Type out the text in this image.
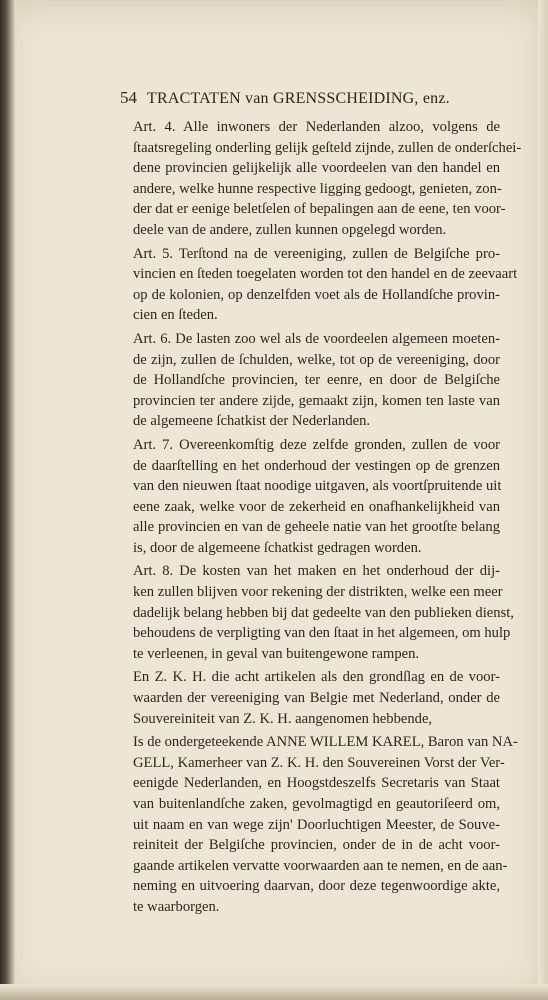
54 TRACTATEN van GRENSSCHEIDING, enz.
Art. 4. Alle inwoners der Nederlanden alzoo, volgens de
ſtaatsregeling onderling gelijk geſteld zijnde, zullen de onderſchei-
dene provincien gelijkelijk alle voordeelen van den handel en
andere, welke hunne respective ligging gedoogt, genieten, zon-
der dat er eenige beletſelen of bepalingen aan de eene, ten voor-
deele van de andere, zullen kunnen opgelegd worden.
Art. 5. Terſtond na de vereeniging, zullen de Belgiſche pro-
vincien en ſteden toegelaten worden tot den handel en de zeevaart
op de kolonien, op denzelfden voet als de Hollandſche provin-
cien en ſteden.
Art. 6. De lasten zoo wel als de voordeelen algemeen moeten-
de zijn, zullen de ſchulden, welke, tot op de vereeniging, door
de Hollandſche provincien, ter eenre, en door de Belgiſche
provincien ter andere zijde, gemaakt zijn, komen ten laste van
de algemeene ſchatkist der Nederlanden.
Art. 7. Overeenkomſtig deze zelfde gronden, zullen de voor
de daarſtelling en het onderhoud der vestingen op de grenzen
van den nieuwen ſtaat noodige uitgaven, als voortſpruitende uit
eene zaak, welke voor de zekerheid en onafhankelijkheid van
alle provincien en van de geheele natie van het grootſte belang
is, door de algemeene ſchatkist gedragen worden.
Art. 8. De kosten van het maken en het onderhoud der dij-
ken zullen blijven voor rekening der distrikten, welke een meer
dadelijk belang hebben bij dat gedeelte van den publieken dienst,
behoudens de verpligting van den ſtaat in het algemeen, om hulp
te verleenen, in geval van buitengewone rampen.
En Z. K. H. die acht artikelen als den grondſlag en de voor-
waarden der vereeniging van Belgie met Nederland, onder de
Souvereiniteit van Z. K. H. aangenomen hebbende,
Is de ondergeteekende ANNE WILLEM KAREL, Baron van NA-
GELL, Kamerheer van Z. K. H. den Souvereinen Vorst der Ver-
eenigde Nederlanden, en Hoogstdeszelfs Secretaris van Staat
van buitenlandſche zaken, gevolmagtigd en geautoriſeerd om,
uit naam en van wege zijn' Doorluchtigen Meester, de Souve-
reiniteit der Belgiſche provincien, onder de in de acht voor-
gaande artikelen vervatte voorwaarden aan te nemen, en de aan-
neming en uitvoering daarvan, door deze tegenwoordige akte,
te waarborgen.
